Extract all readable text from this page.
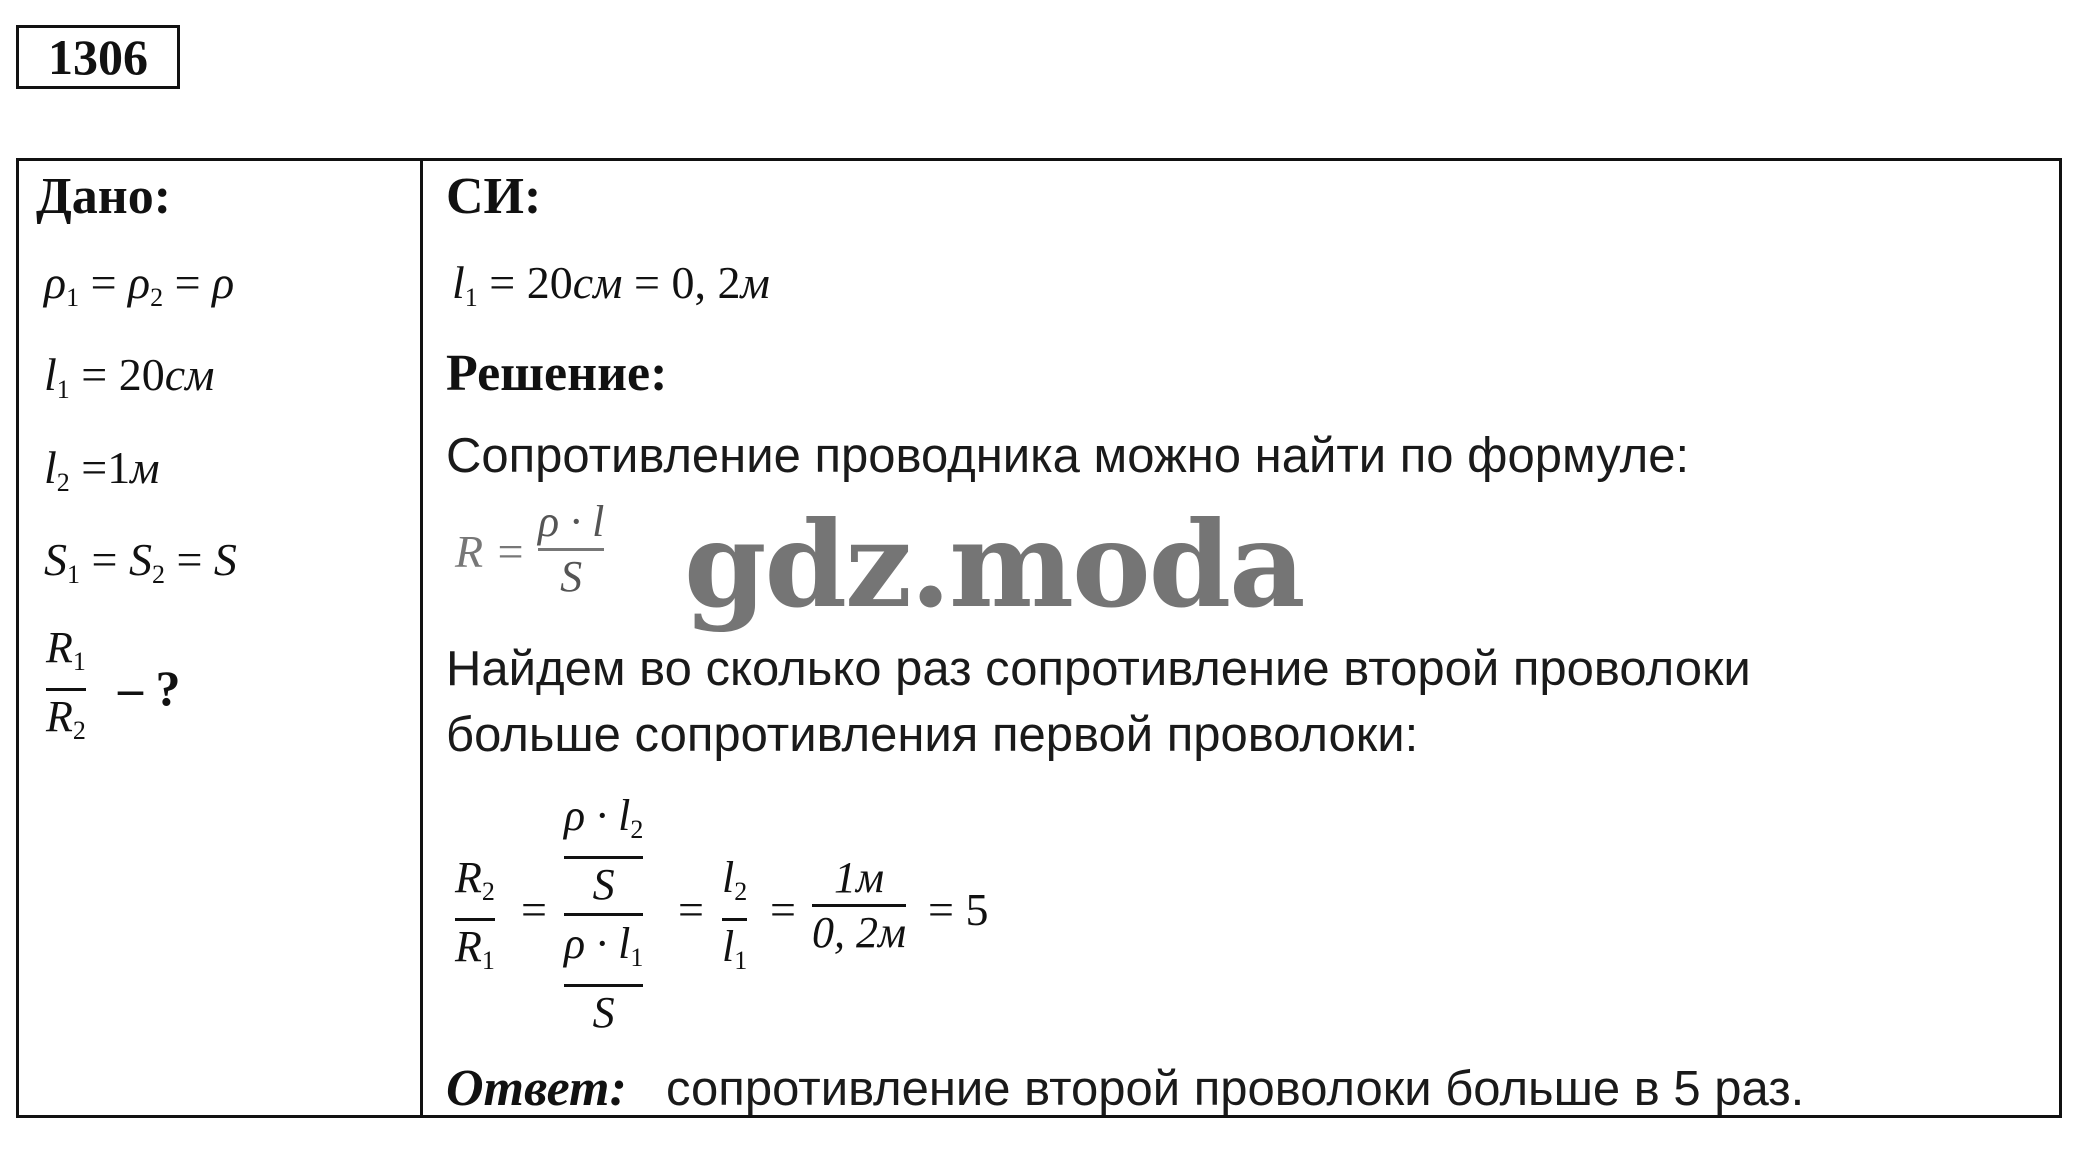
1306
Дано:
$\rho_1 = \rho_2 = \rho$
$l_1 = 20см$
$l_2 =1м$
$S_1 = S_2 = S$
$R_1$
$R_2$
– ?
СИ:
$l_1 = 20см = 0$, 2м
Решение:
Сопротивление проводника можно найти по формуле:
R =
ρ · l
S gdz.moda
Найдем во сколько раз сопротивление второй проволоки
больше сопротивления первой проволоки:
$R_2$
$R_1$
= $\frac{\rho \cdot l_2}{S}$
$\frac{\rho \cdot l_1}{S}$
=
$l_2$
$l_1$
=
1м
0, 2м = 5
Ответ: сопротивление второй проволоки больше в 5 раз.
